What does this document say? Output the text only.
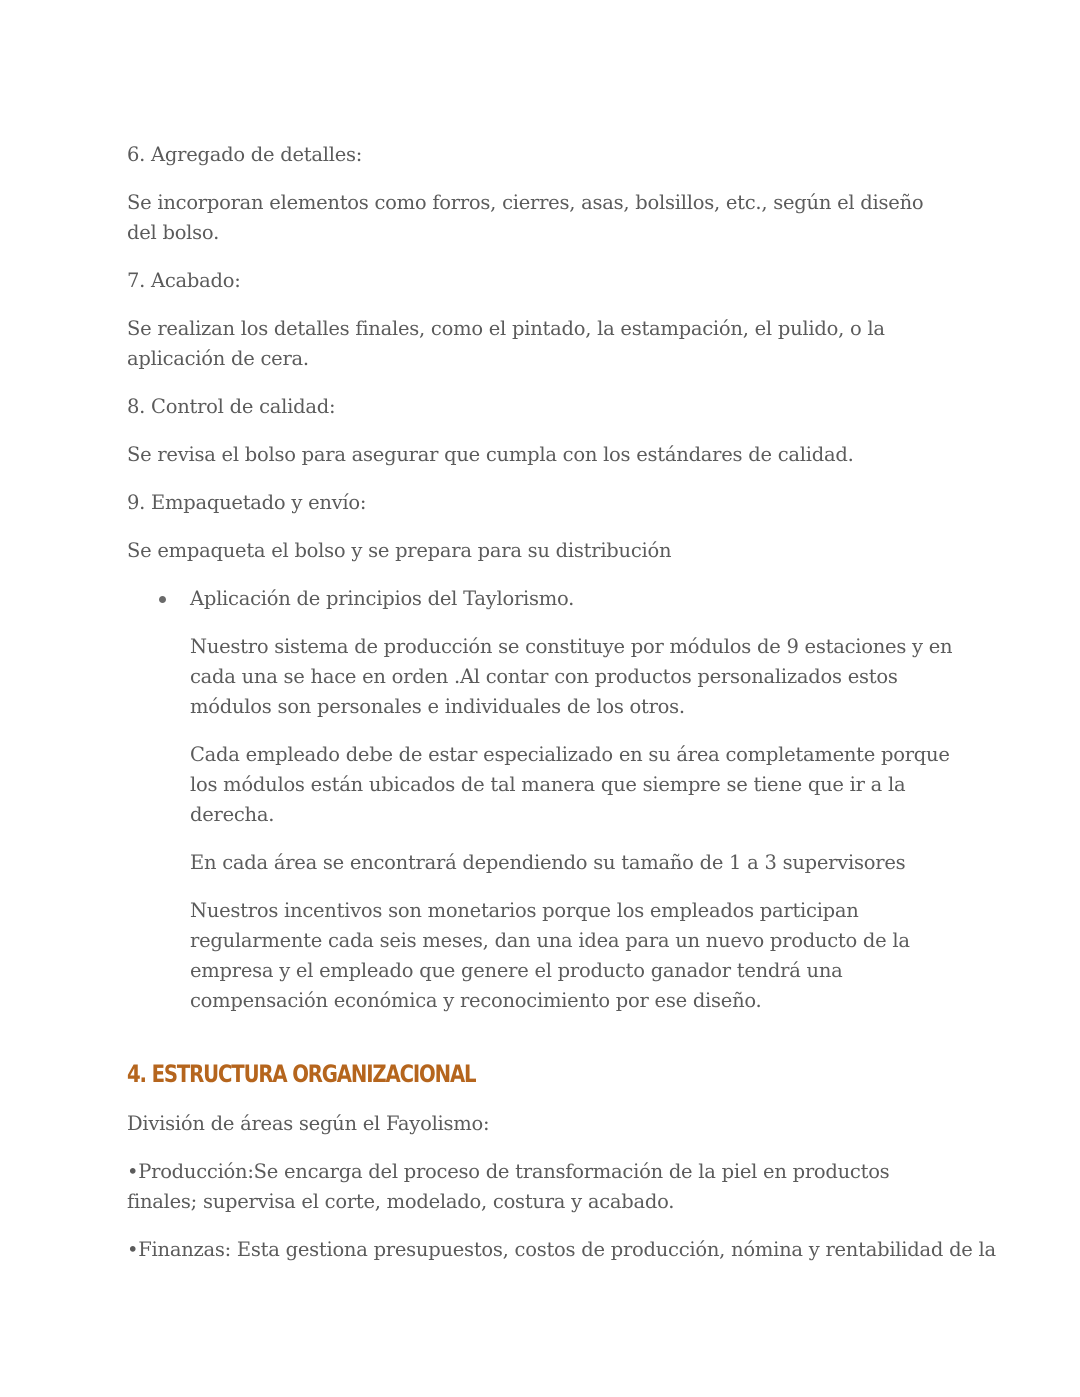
6. Agregado de detalles:

Se incorporan elementos como forros, cierres, asas, bolsillos, etc., según el diseño del bolso.

7. Acabado:

Se realizan los detalles finales, como el pintado, la estampación, el pulido, o la aplicación de cera.

8. Control de calidad:

Se revisa el bolso para asegurar que cumpla con los estándares de calidad.

9. Empaquetado y envío:

Se empaqueta el bolso y se prepara para su distribución

Aplicación de principios del Taylorismo.

Nuestro sistema de producción se constituye por módulos de 9 estaciones y en cada una se hace en orden .Al contar con productos personalizados estos módulos son personales e individuales de los otros.

Cada empleado debe de estar especializado en su área completamente porque los módulos están ubicados de tal manera que siempre se tiene que ir a la derecha.

En cada área se encontrará dependiendo su tamaño de 1 a 3 supervisores

Nuestros incentivos son monetarios porque los empleados participan regularmente cada seis meses, dan una idea para un nuevo producto de la empresa y el empleado que genere el producto ganador tendrá una compensación económica y reconocimiento por ese diseño.

4. ESTRUCTURA ORGANIZACIONAL

División de áreas según el Fayolismo:

•Producción:Se encarga del proceso de transformación de la piel en productos finales; supervisa el corte, modelado, costura y acabado.

•Finanzas: Esta gestiona presupuestos, costos de producción, nómina y rentabilidad de la
